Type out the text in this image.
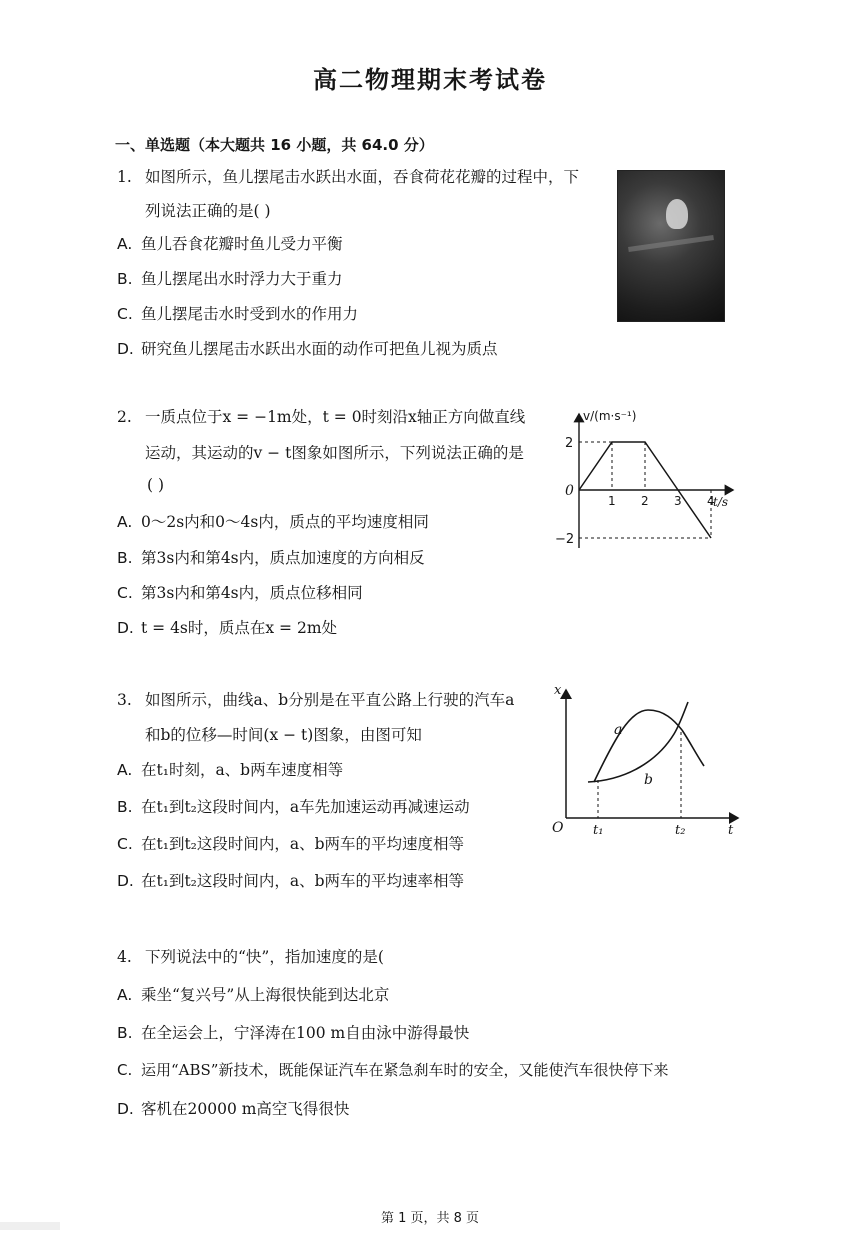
高二物理期末考试卷
一、单选题（本大题共 16 小题，共 64.0 分）
1. 如图所示，鱼儿摆尾击水跃出水面，吞食荷花花瓣的过程中，下
列说法正确的是( )
A. 鱼儿吞食花瓣时鱼儿受力平衡
B. 鱼儿摆尾出水时浮力大于重力
C. 鱼儿摆尾击水时受到水的作用力
D. 研究鱼儿摆尾击水跃出水面的动作可把鱼儿视为质点
2. 一质点位于x = −1m处，t = 0时刻沿x轴正方向做直线
运动，其运动的v − t图象如图所示，下列说法正确的是
( )
A. 0～2s内和0～4s内，质点的平均速度相同
B. 第3s内和第4s内，质点加速度的方向相反
C. 第3s内和第4s内，质点位移相同
D. t = 4s时，质点在x = 2m处
v/(m·s⁻¹)
t/s
0
1 2 3 4
2
−2
3. 如图所示，曲线a、b分别是在平直公路上行驶的汽车a
和b的位移—时间(x − t)图象，由图可知
A. 在t₁时刻，a、b两车速度相等
B. 在t₁到t₂这段时间内，a车先加速运动再减速运动
C. 在t₁到t₂这段时间内，a、b两车的平均速度相等
D. 在t₁到t₂这段时间内，a、b两车的平均速率相等
x
t
O
a
b
t₁	t₂
4. 下列说法中的“快”，指加速度的是(
A. 乘坐“复兴号”从上海很快能到达北京
B. 在全运会上，宁泽涛在100 m自由泳中游得最快
C. 运用“ABS”新技术，既能保证汽车在紧急刹车时的安全，又能使汽车很快停下来
D. 客机在20000 m高空飞得很快
第 1 页，共 8 页
